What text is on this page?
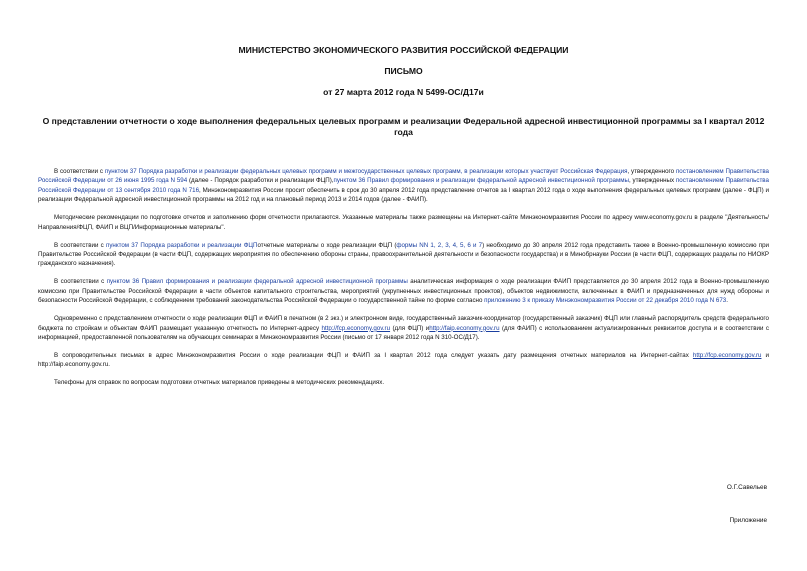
МИНИСТЕРСТВО ЭКОНОМИЧЕСКОГО РАЗВИТИЯ РОССИЙСКОЙ ФЕДЕРАЦИИ
ПИСЬМО
от 27 марта 2012 года N 5499-ОС/Д17и
О представлении отчетности о ходе выполнения федеральных целевых программ и реализации Федеральной адресной инвестиционной программы за I квартал 2012 года

В соответствии с пунктом 37 Порядка разработки и реализации федеральных целевых программ и межгосударственных целевых программ, в реализации которых участвует Российская Федерация, утвержденного постановлением Правительства Российской Федерации от 26 июня 1995 года N 594 (далее - Порядок разработки и реализации ФЦП),пунктом 36 Правил формирования и реализации федеральной адресной инвестиционной программы, утвержденных постановлением Правительства Российской Федерации от 13 сентября 2010 года N 716, Минэкономразвития России просит обеспечить в срок до 30 апреля 2012 года представление отчетов за I квартал 2012 года о ходе выполнения федеральных целевых программ (далее - ФЦП) и реализации Федеральной адресной инвестиционной программы на 2012 год и на плановый период 2013 и 2014 годов (далее - ФАИП).

Методические рекомендации по подготовке отчетов и заполнению форм отчетности прилагаются. Указанные материалы также размещены на Интернет-сайте Минэкономразвития России по адресу www.economy.gov.ru в разделе "Деятельность/Направления/ФЦП, ФАИП и ВЦП/Информационные материалы".

В соответствии с пунктом 37 Порядка разработки и реализации ФЦПотчетные материалы о ходе реализации ФЦП (формы NN 1, 2, 3, 4, 5, 6 и 7) необходимо до 30 апреля 2012 года представить также в Военно-промышленную комиссию при Правительстве Российской Федерации (в части ФЦП, содержащих мероприятия по обеспечению обороны страны, правоохранительной деятельности и безопасности государства) и в Минобрнауки России (в части ФЦП, содержащих разделы по НИОКР гражданского назначения).

В соответствии с пунктом 36 Правил формирования и реализации федеральной адресной инвестиционной программы аналитическая информация о ходе реализации ФАИП представляется до 30 апреля 2012 года в Военно-промышленную комиссию при Правительстве Российской Федерации в части объектов капитального строительства, мероприятий (укрупненных инвестиционных проектов), объектов недвижимости, включенных в ФАИП и предназначенных для нужд обороны и безопасности Российской Федерации, с соблюдением требований законодательства Российской Федерации о государственной тайне по форме согласно приложению 3 к приказу Минэкономразвития России от 22 декабря 2010 года N 673.

Одновременно с представлением отчетности о ходе реализации ФЦП и ФАИП в печатном (в 2 экз.) и электронном виде, государственный заказчик-координатор (государственный заказчик) ФЦП или главный распорядитель средств федерального бюджета по стройкам и объектам ФАИП размещает указанную отчетность по Интернет-адресу http://fcp.economy.gov.ru (для ФЦП) иhttp://faip.economy.gov.ru (для ФАИП) с использованием актуализированных реквизитов доступа и в соответствии с информацией, предоставленной пользователям на обучающих семинарах в Минэкономразвития России (письмо от 17 января 2012 года N 310-ОС/Д17).

В сопроводительных письмах в адрес Минэкономразвития России о ходе реализации ФЦП и ФАИП за I квартал 2012 года следует указать дату размещения отчетных материалов на Интернет-сайтах http://fcp.economy.gov.ru и http://faip.economy.gov.ru.

Телефоны для справок по вопросам подготовки отчетных материалов приведены в методических рекомендациях.

О.Г.Савельев
Приложение
